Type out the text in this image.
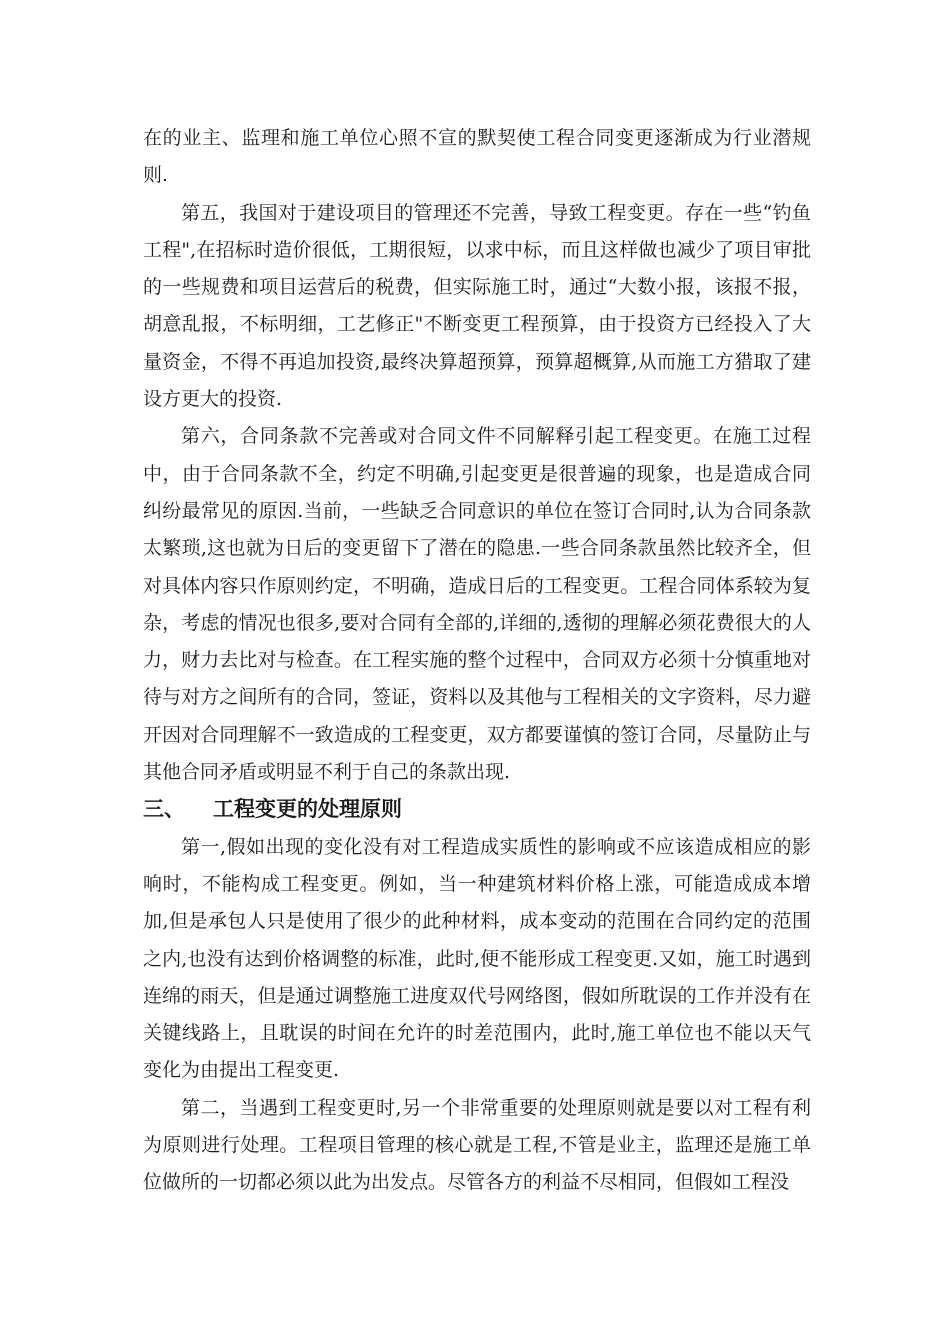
在的业主、监理和施工单位心照不宣的默契使工程合同变更逐渐成为行业潜规则.

第五，我国对于建设项目的管理还不完善，导致工程变更。存在一些“钓鱼工程",在招标时造价很低，工期很短，以求中标，而且这样做也减少了项目审批的一些规费和项目运营后的税费，但实际施工时，通过“大数小报，该报不报，胡意乱报，不标明细，工艺修正"不断变更工程预算，由于投资方已经投入了大量资金，不得不再追加投资,最终决算超预算，预算超概算,从而施工方猎取了建设方更大的投资.

第六，合同条款不完善或对合同文件不同解释引起工程变更。在施工过程中，由于合同条款不全，约定不明确,引起变更是很普遍的现象，也是造成合同纠纷最常见的原因.当前，一些缺乏合同意识的单位在签订合同时,认为合同条款太繁琐,这也就为日后的变更留下了潜在的隐患.一些合同条款虽然比较齐全，但对具体内容只作原则约定，不明确，造成日后的工程变更。工程合同体系较为复杂，考虑的情况也很多,要对合同有全部的,详细的,透彻的理解必须花费很大的人力，财力去比对与检查。在工程实施的整个过程中，合同双方必须十分慎重地对待与对方之间所有的合同，签证，资料以及其他与工程相关的文字资料，尽力避开因对合同理解不一致造成的工程变更，双方都要谨慎的签订合同，尽量防止与其他合同矛盾或明显不利于自己的条款出现.

三、	工程变更的处理原则

第一,假如出现的变化没有对工程造成实质性的影响或不应该造成相应的影响时，不能构成工程变更。例如，当一种建筑材料价格上涨，可能造成成本增加,但是承包人只是使用了很少的此种材料，成本变动的范围在合同约定的范围之内,也没有达到价格调整的标准，此时,便不能形成工程变更.又如，施工时遇到连绵的雨天，但是通过调整施工进度双代号网络图，假如所耽误的工作并没有在关键线路上，且耽误的时间在允许的时差范围内，此时,施工单位也不能以天气变化为由提出工程变更.

第二，当遇到工程变更时,另一个非常重要的处理原则就是要以对工程有利为原则进行处理。工程项目管理的核心就是工程,不管是业主，监理还是施工单位做所的一切都必须以此为出发点。尽管各方的利益不尽相同，但假如工程没
